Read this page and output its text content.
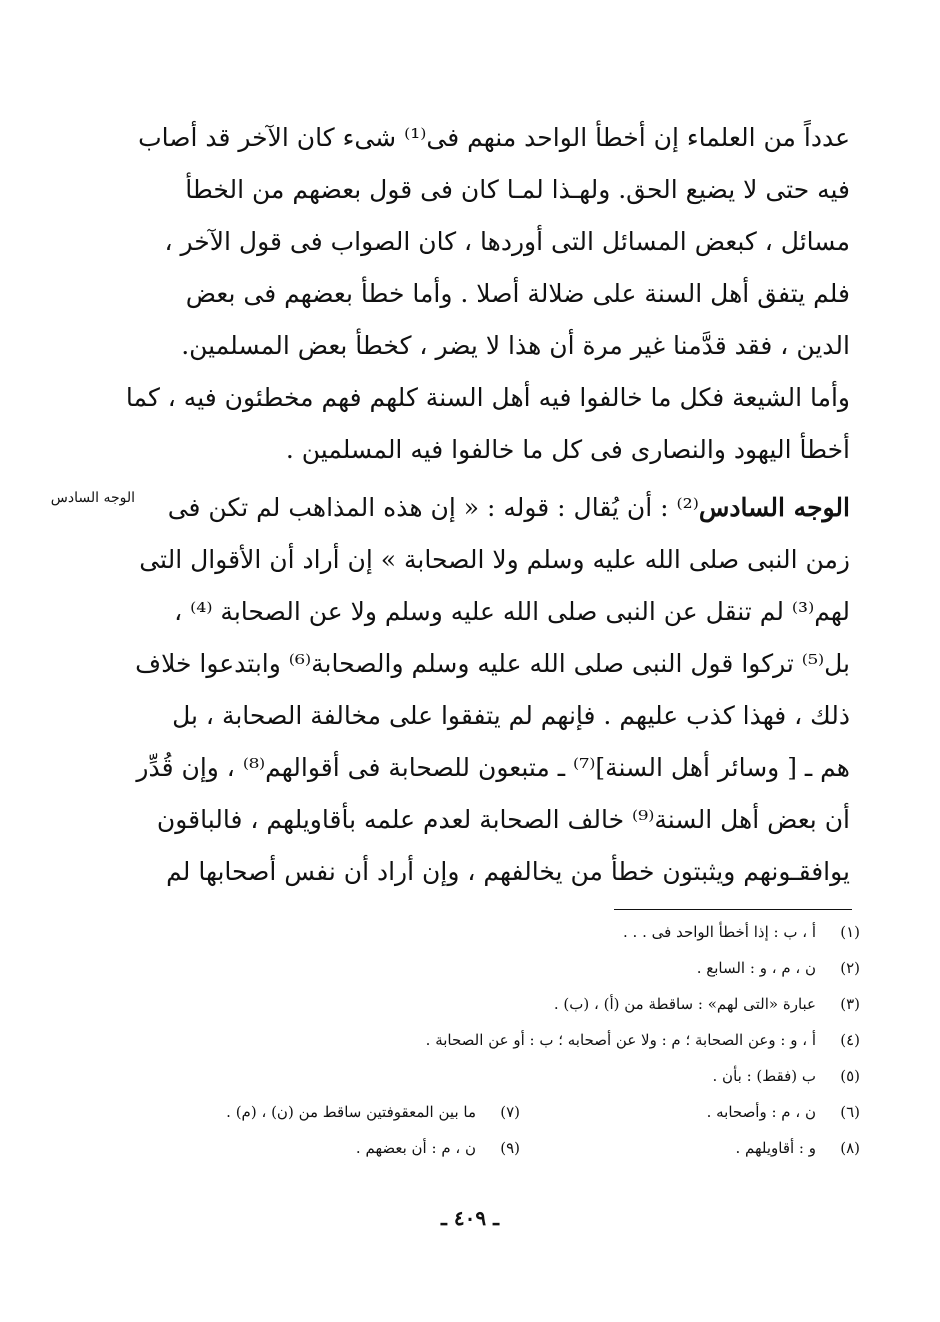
الوجه السادس

عدداً من العلماء إن أخطأ الواحد منهم فى⁽¹⁾ شىء كان الآخر قد أصاب
فيه حتى لا يضيع الحق. ولهـذا لمـا كان فى قول بعضهم من الخطأ
مسائل ، كبعض المسائل التى أوردها ، كان الصواب فى قول الآخر ،
فلم يتفق أهل السنة على ضلالة أصلا . وأما خطأ بعضهم فى بعض
الدين ، فقد قدَّمنا غير مرة أن هذا لا يضر ، كخطأ بعض المسلمين.
وأما الشيعة فكل ما خالفوا فيه أهل السنة كلهم فهم مخطئون فيه ، كما
أخطأ اليهود والنصارى فى كل ما خالفوا فيه المسلمين .

الوجه السادس⁽²⁾ : أن يُقال : قوله : « إن هذه المذاهب لم تكن فى
زمن النبى صلى الله عليه وسلم ولا الصحابة » إن أراد أن الأقوال التى
لهم⁽³⁾ لم تنقل عن النبى صلى الله عليه وسلم ولا عن الصحابة ⁽⁴⁾ ،
بل⁽⁵⁾ تركوا قول النبى صلى الله عليه وسلم والصحابة⁽⁶⁾ وابتدعوا خلاف
ذلك ، فهذا كذب عليهم . فإنهم لم يتفقوا على مخالفة الصحابة ، بل
هم ـ [ وسائر أهل السنة]⁽⁷⁾ ـ متبعون للصحابة فى أقوالهم⁽⁸⁾ ، وإن قُدِّر
أن بعض أهل السنة⁽⁹⁾ خالف الصحابة لعدم علمه بأقاويلهم ، فالباقون
يوافقـونهم ويثبتون خطأ من يخالفهم ، وإن أراد أن نفس أصحابها لم

(١)أ ، ب : إذا أخطأ الواحد فى . . .
(٢)ن ، م ، و : السابع .
(٣)عبارة «التى لهم» : ساقطة من (أ) ، (ب) .
(٤)أ ، و : وعن الصحابة ؛ م : ولا عن أصحابه ؛ ب : أو عن الصحابة .
(٥)ب (فقط) : بأن .
(٦)ن ، م : وأصحابه .
(٧)ما بين المعقوفتين ساقط من (ن) ، (م) .
(٨)و : أقاويلهم .
(٩)ن ، م : أن بعضهم .
ـ ٤٠٩ ـ
